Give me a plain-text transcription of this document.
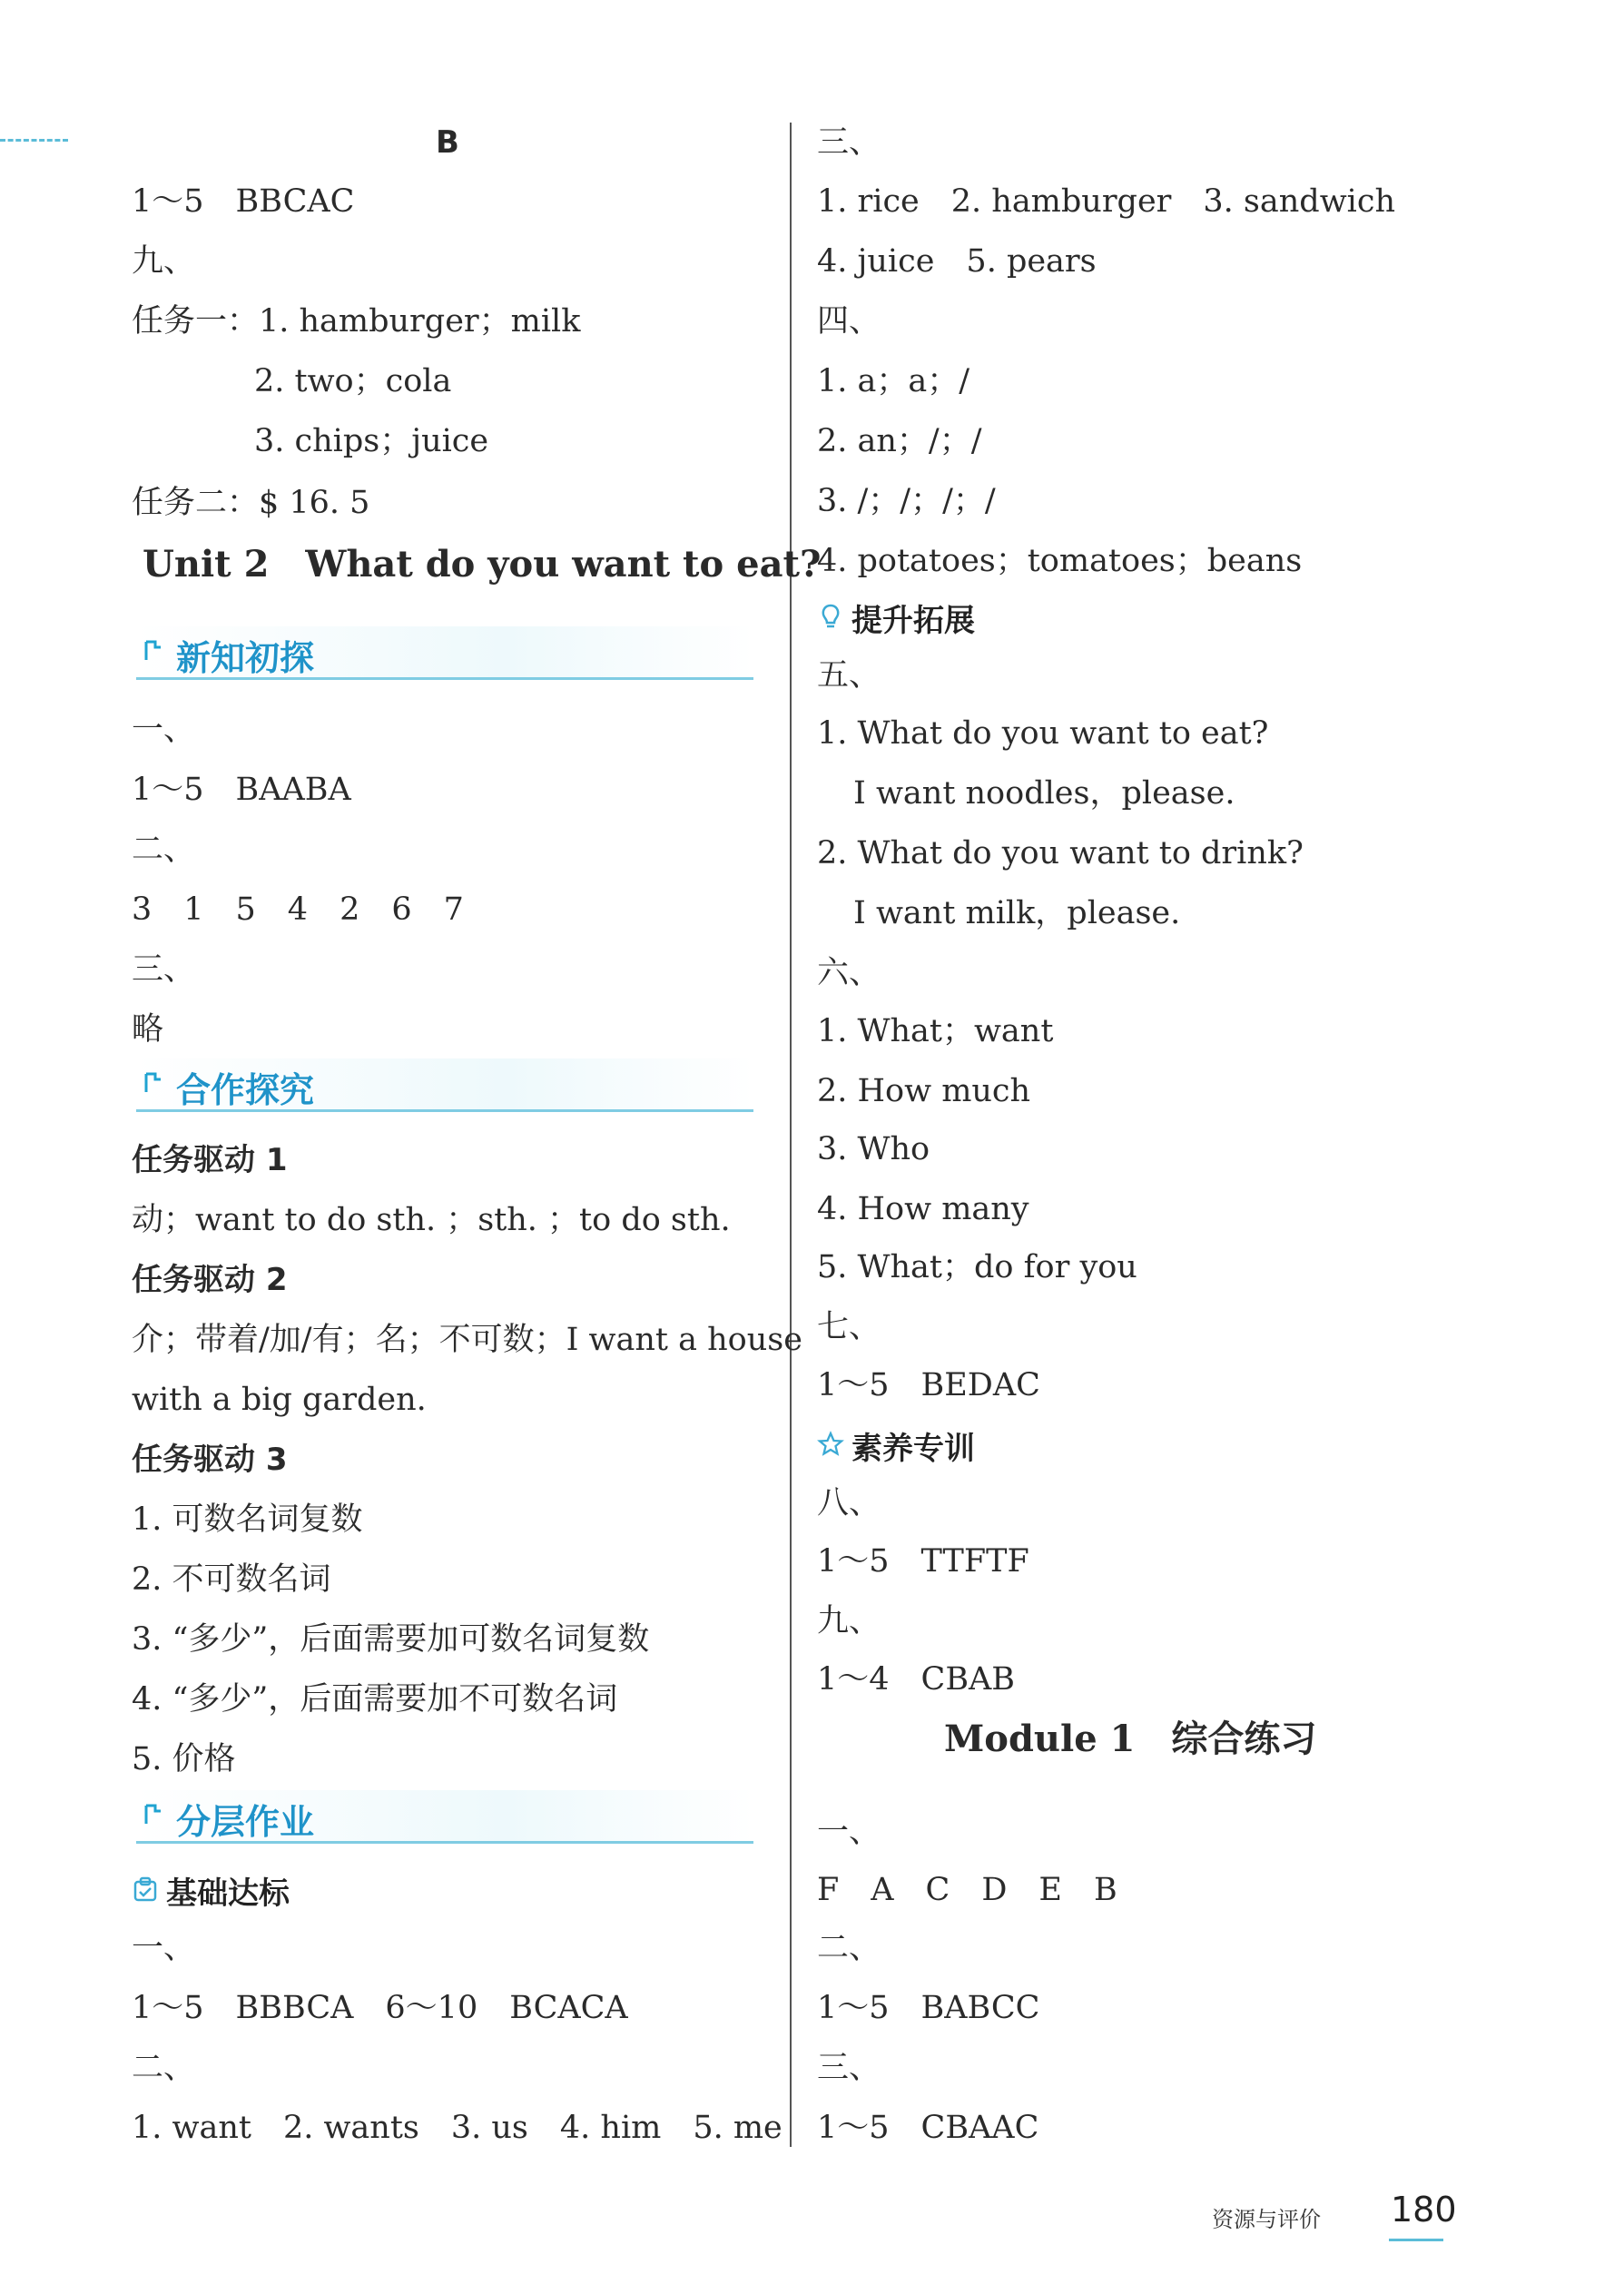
B
1～5　BBCAC
九、
任务一：1. hamburger；milk
2. two；cola
3. chips；juice
任务二：$ 16. 5
Unit 2　What do you want to eat?
新知初探
一、
1～5　BAABA
二、
3　1　5　4　2　6　7
三、
略
合作探究
任务驱动 1
动；want to do sth. ；sth. ；to do sth.
任务驱动 2
介；带着/加/有；名；不可数；I want a house
with a big garden.
任务驱动 3
1. 可数名词复数
2. 不可数名词
3. “多少”，后面需要加可数名词复数
4. “多少”，后面需要加不可数名词
5. 价格
分层作业
基础达标
一、
1～5　BBBCA　6～10　BCACA
二、
1. want　2. wants　3. us　4. him　5. me
三、
1. rice　2. hamburger　3. sandwich
4. juice　5. pears
四、
1. a；a；/
2. an；/；/
3. /；/；/；/
4. potatoes；tomatoes；beans
提升拓展
五、
1. What do you want to eat?
I want noodles，please.
2. What do you want to drink?
I want milk，please.
六、
1. What；want
2. How much
3. Who
4. How many
5. What；do for you
七、
1～5　BEDAC
素养专训
八、
1～5　TTFTF
九、
1～4　CBAB
Module 1　综合练习
一、
F　A　C　D　E　B
二、
1～5　BABCC
三、
1～5　CBAAC
资源与评价 180
